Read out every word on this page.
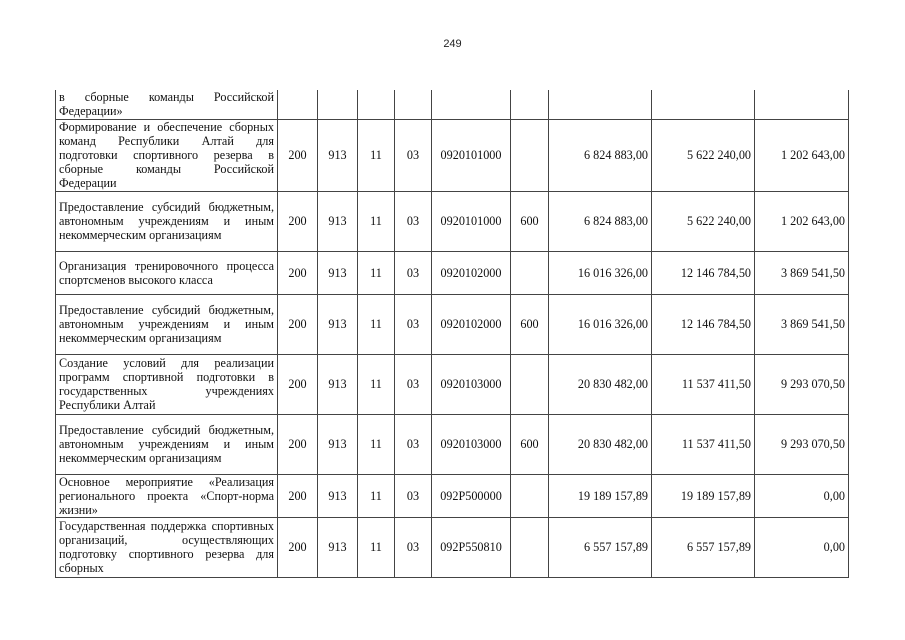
249
в сборные команды Российской Федерации»									
Формирование и обеспечение сборных команд Республики Алтай для подготовки спортивного резерва в сборные команды Российской Федерации	200	913	11	03	0920101000		6 824 883,00	5 622 240,00	1 202 643,00
Предоставление субсидий бюджетным, автономным учреждениям и иным некоммерческим организациям	200	913	11	03	0920101000	600	6 824 883,00	5 622 240,00	1 202 643,00
Организация тренировочного процесса спортсменов высокого класса	200	913	11	03	0920102000		16 016 326,00	12 146 784,50	3 869 541,50
Предоставление субсидий бюджетным, автономным учреждениям и иным некоммерческим организациям	200	913	11	03	0920102000	600	16 016 326,00	12 146 784,50	3 869 541,50
Создание условий для реализации программ спортивной подготовки в государственных учреждениях Республики Алтай	200	913	11	03	0920103000		20 830 482,00	11 537 411,50	9 293 070,50
Предоставление субсидий бюджетным, автономным учреждениям и иным некоммерческим организациям	200	913	11	03	0920103000	600	20 830 482,00	11 537 411,50	9 293 070,50
Основное мероприятие «Реализация регионального проекта «Спорт-норма жизни»	200	913	11	03	092P500000		19 189 157,89	19 189 157,89	0,00
Государственная поддержка спортивных организаций, осуществляющих подготовку спортивного резерва для сборных	200	913	11	03	092P550810		6 557 157,89	6 557 157,89	0,00
